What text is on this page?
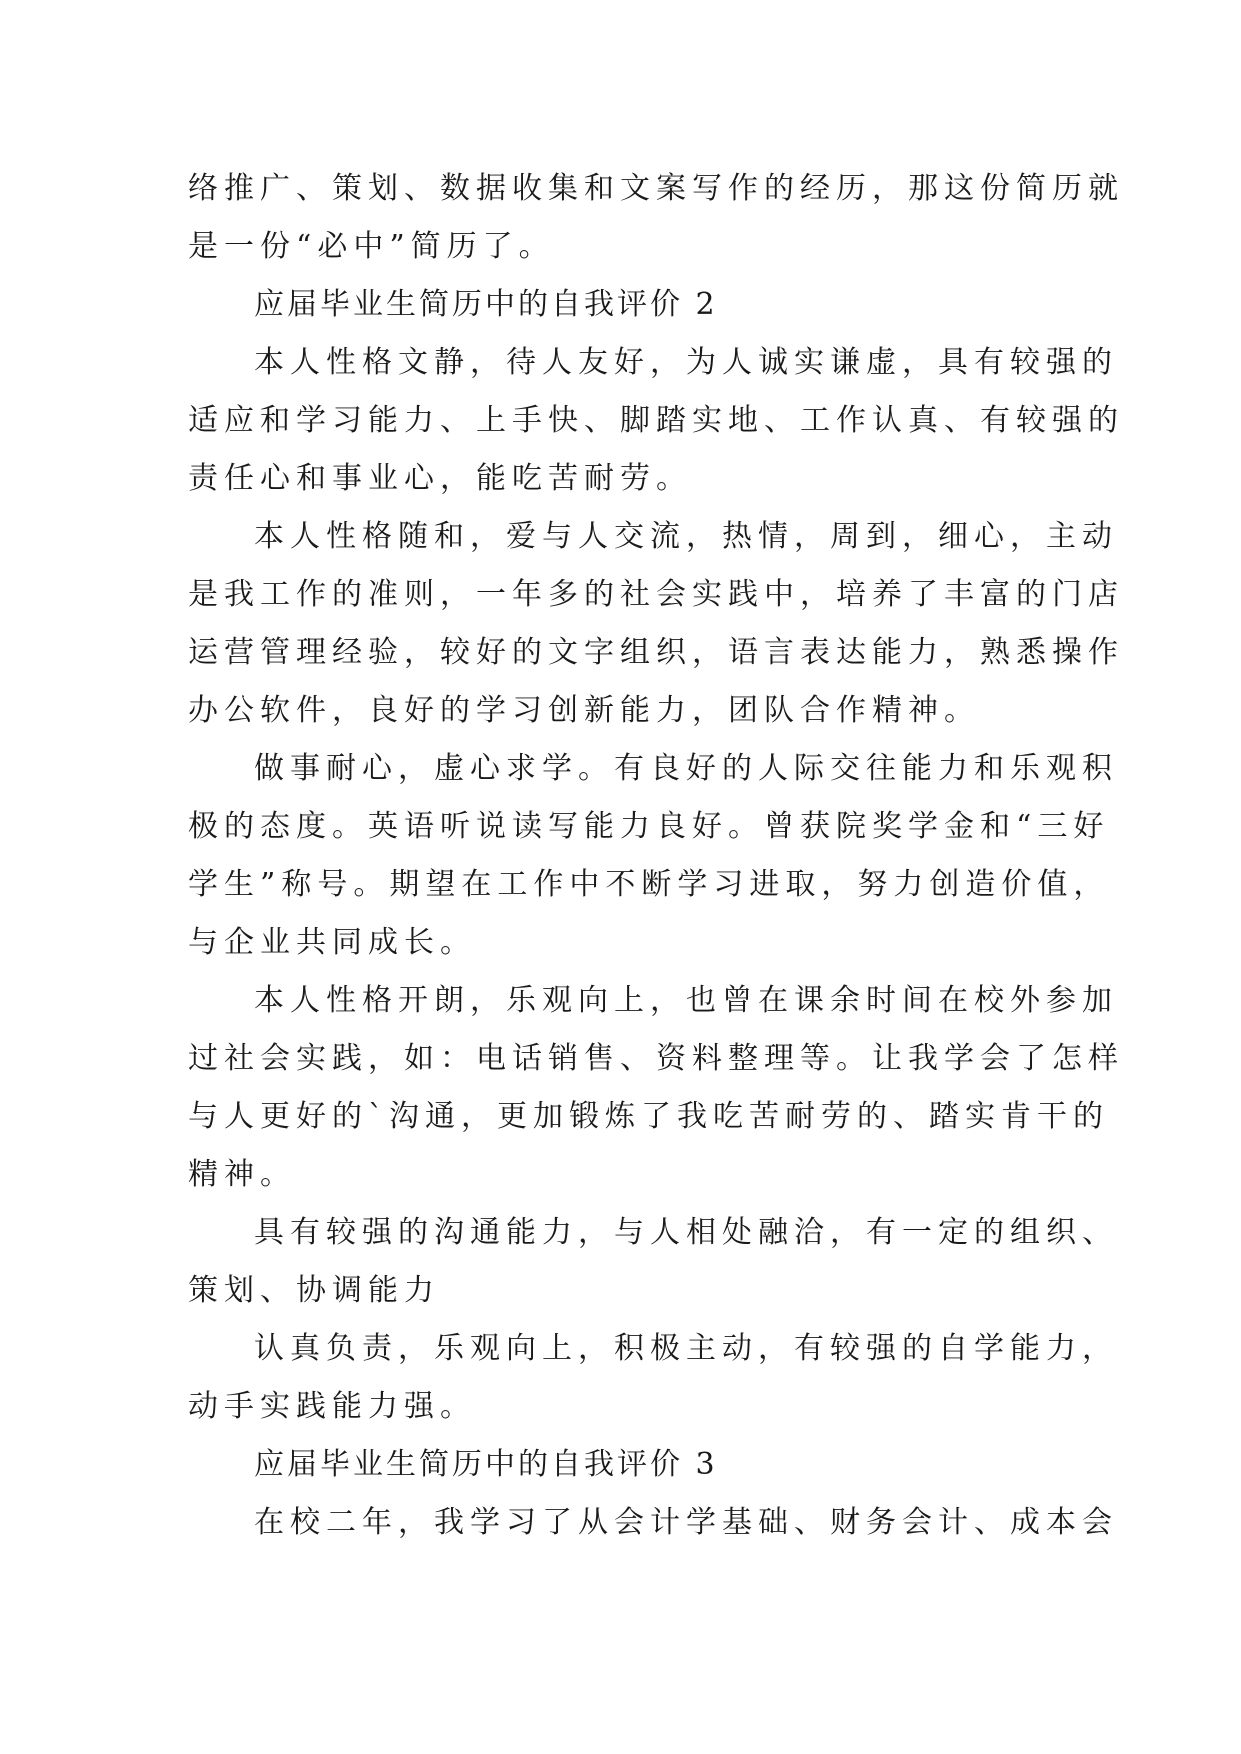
络推广、策划、数据收集和文案写作的经历，那这份简历就
是一份“必中”简历了。

应届毕业生简历中的自我评价 2

本人性格文静，待人友好，为人诚实谦虚，具有较强的
适应和学习能力、上手快、脚踏实地、工作认真、有较强的
责任心和事业心，能吃苦耐劳。

本人性格随和，爱与人交流，热情，周到，细心，主动
是我工作的准则，一年多的社会实践中，培养了丰富的门店
运营管理经验，较好的文字组织，语言表达能力，熟悉操作
办公软件，良好的学习创新能力，团队合作精神。

做事耐心，虚心求学。有良好的人际交往能力和乐观积
极的态度。英语听说读写能力良好。曾获院奖学金和“三好
学生”称号。期望在工作中不断学习进取，努力创造价值，
与企业共同成长。

本人性格开朗，乐观向上，也曾在课余时间在校外参加
过社会实践，如：电话销售、资料整理等。让我学会了怎样
与人更好的`沟通，更加锻炼了我吃苦耐劳的、踏实肯干的
精神。

具有较强的沟通能力，与人相处融洽，有一定的组织、
策划、协调能力

认真负责，乐观向上，积极主动，有较强的自学能力，
动手实践能力强。

应届毕业生简历中的自我评价 3

在校二年，我学习了从会计学基础、财务会计、成本会
